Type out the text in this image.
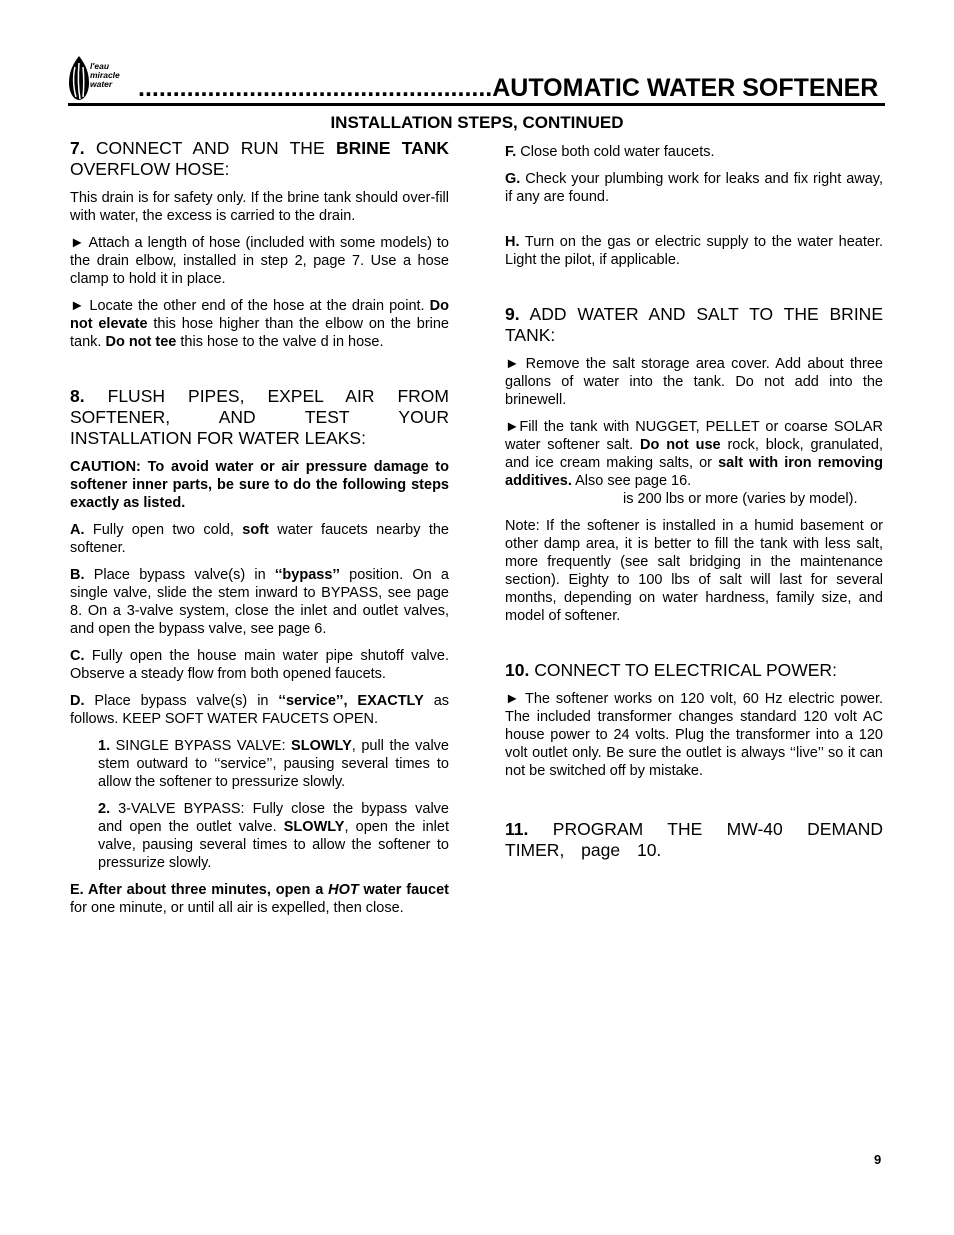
l'eau
miracle
water ...................................................AUTOMATIC WATER SOFTENER
INSTALLATION STEPS, CONTINUED

7. CONNECT AND RUN THE BRINE TANK OVERFLOW HOSE:

This drain is for safety only. If the brine tank should over-fill with water, the excess is carried to the drain.

► Attach a length of hose (included with some models) to the drain elbow, installed in step 2, page 7. Use a hose clamp to hold it in place.

► Locate the other end of the hose at the drain point. Do not elevate this hose higher than the elbow on the brine tank. Do not tee this hose to the valve d in hose.

8. FLUSH PIPES, EXPEL AIR FROM SOFTENER, AND TEST YOUR

INSTALLATION FOR WATER LEAKS:

CAUTION: To avoid water or air pressure damage to softener inner parts, be sure to do the following steps exactly as listed.

A. Fully open two cold, soft water faucets nearby the softener.

B. Place bypass valve(s) in ‘‘bypass’’ position. On a single valve, slide the stem inward to BYPASS, see page 8. On a 3-valve system, close the inlet and outlet valves, and open the bypass valve, see page 6.

C. Fully open the house main water pipe shutoff valve. Observe a steady flow from both opened faucets.

D. Place bypass valve(s) in ‘‘service’’, EXACTLY as follows. KEEP SOFT WATER FAUCETS OPEN.

1. SINGLE BYPASS VALVE: SLOWLY, pull the valve stem outward to ‘‘service’’, pausing several times to allow the softener to pressurize slowly.

2. 3-VALVE BYPASS: Fully close the bypass valve and open the outlet valve. SLOWLY, open the inlet valve, pausing several times to allow the softener to pressurize slowly.

E. After about three minutes, open a HOT water faucet for one minute, or until all air is expelled, then close.

F. Close both cold water faucets.

G. Check your plumbing work for leaks and fix right away, if any are found.

H. Turn on the gas or electric supply to the water heater. Light the pilot, if applicable.

9. ADD WATER AND SALT TO THE BRINE TANK:

► Remove the salt storage area cover. Add about three gallons of water into the tank. Do not add into the brinewell.

►Fill the tank with NUGGET, PELLET or coarse SOLAR water softener salt. Do not use rock, block, granulated, and ice cream making salts, or salt with iron removing additives. Also see page 16.

is 200 lbs or more (varies by model).

Note: If the softener is installed in a humid basement or other damp area, it is better to fill the tank with less salt, more frequently (see salt bridging in the maintenance section). Eighty to 100 lbs of salt will last for several months, depending on water hardness, family size, and model of softener.

10. CONNECT TO ELECTRICAL POWER:

► The softener works on 120 volt, 60 Hz electric power. The included transformer changes standard 120 volt AC house power to 24 volts. Plug the transformer into a 120 volt outlet only. Be sure the outlet is always ‘‘live’’ so it can not be switched off by mistake.

11. PROGRAM THE MW-40 DEMAND TIMER, page 10.

9
